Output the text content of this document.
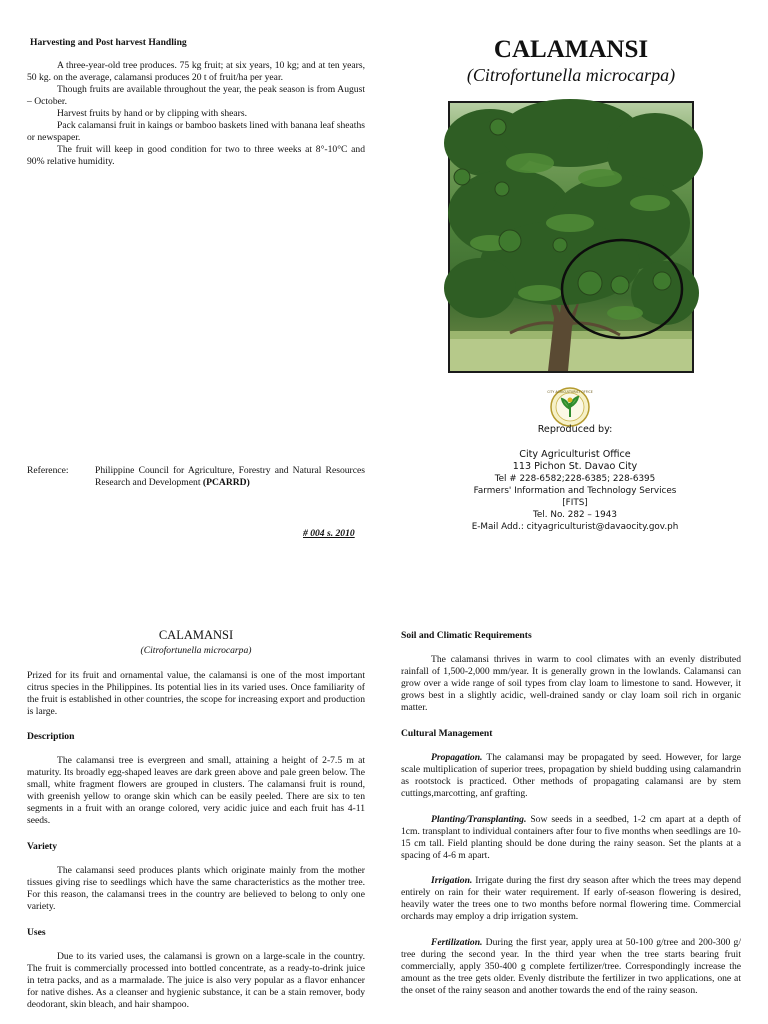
Harvesting and Post harvest Handling

A three-year-old tree produces. 75 kg fruit; at six years, 10 kg; and at ten years, 50 kg. on the average, calamansi produces 20 t of fruit/ha per year.

Though fruits are available throughout the year, the peak season is from August – October.

Harvest fruits by hand or by clipping with shears.

Pack calamansi fruit in kaings or bamboo baskets lined with banana leaf sheaths or newspaper.

The fruit will keep in good condition for two to three weeks at 8°-10°C and 90% relative humidity.

Reference:	Philippine Council for Agriculture, Forestry and Natural Resources Research and Development (PCARRD)
# 004 s. 2010
CALAMANSI
(Citrofortunella microcarpa)
CITY AGRICULTURIST OFFICE

Reproduced by:

City Agriculturist Office

113 Pichon St. Davao City

Tel # 228-6582;228-6385; 228-6395

Farmers' Information and Technology Services

[FITS]

Tel. No. 282 – 1943

E-Mail Add.: cityagriculturist@davaocity.gov.ph

CALAMANSI
(Citrofortunella microcarpa)

Prized for its fruit and ornamental value, the calamansi is one of the most important citrus species in the Philippines. Its potential lies in its varied uses. Once familiarity of the fruit is established in other countries, the scope for increasing export and production is large.

Description

The calamansi tree is evergreen and small, attaining a height of 2-7.5 m at maturity. Its broadly egg-shaped leaves are dark green above and pale green below. The small, white fragment flowers are grouped in clusters. The calamansi fruit is round, with greenish yellow to orange skin which can be easily peeled. There are six to ten segments in a fruit with an orange colored, very acidic juice and each fruit has 4-11 seeds.

Variety

The calamansi seed produces plants which originate mainly from the mother tissues giving rise to seedlings which have the same characteristics as the mother tree. For this reason, the calamansi trees in the country are believed to belong to only one variety.

Uses

Due to its varied uses, the calamansi is grown on a large-scale in the country. The fruit is commercially processed into bottled concentrate, as a ready-to-drink juice in tetra packs, and as a marmalade. The juice is also very popular as a flavor enhancer for native dishes. As a cleanser and hygienic substance, it can be a stain remover, body deodorant, skin bleach, and hair shampoo.

Soil and Climatic Requirements

The calamansi thrives in warm to cool climates with an evenly distributed rainfall of 1,500-2,000 mm/year. It is generally grown in the lowlands. Calamansi can grow over a wide range of soil types from clay loam to limestone to sand. However, it grows best in a slightly acidic, well-drained sandy or clay loam soil rich in organic matter.

Cultural Management

Propagation. The calamansi may be propagated by seed. However, for large scale multiplication of superior trees, propagation by shield budding using calamandrin as rootstock is practiced. Other methods of propagating calamansi are by stem cuttings,marcotting, anf grafting.

Planting/Transplanting. Sow seeds in a seedbed, 1-2 cm apart at a depth of 1cm. transplant to individual containers after four to five months when seedlings are 10-15 cm tall. Field planting should be done during the rainy season. Set the plants at a spacing of 4-6 m apart.

Irrigation. Irrigate during the first dry season after which the trees may depend entirely on rain for their water requirement. If early of-season flowering is desired, heavily water the trees one to two months before normal flowering time. Commercial orchards may employ a drip irrigation system.

Fertilization. During the first year, apply urea at 50-100 g/tree and 200-300 g/ tree during the second year. In the third year when the tree starts bearing fruit commercially, apply 350-400 g complete fertilizer/tree. Correspondingly increase the amount as the tree gets older. Evenly distribute the fertilizer in two applications, one at the onset of the rainy season and another towards the end of the rainy season.
